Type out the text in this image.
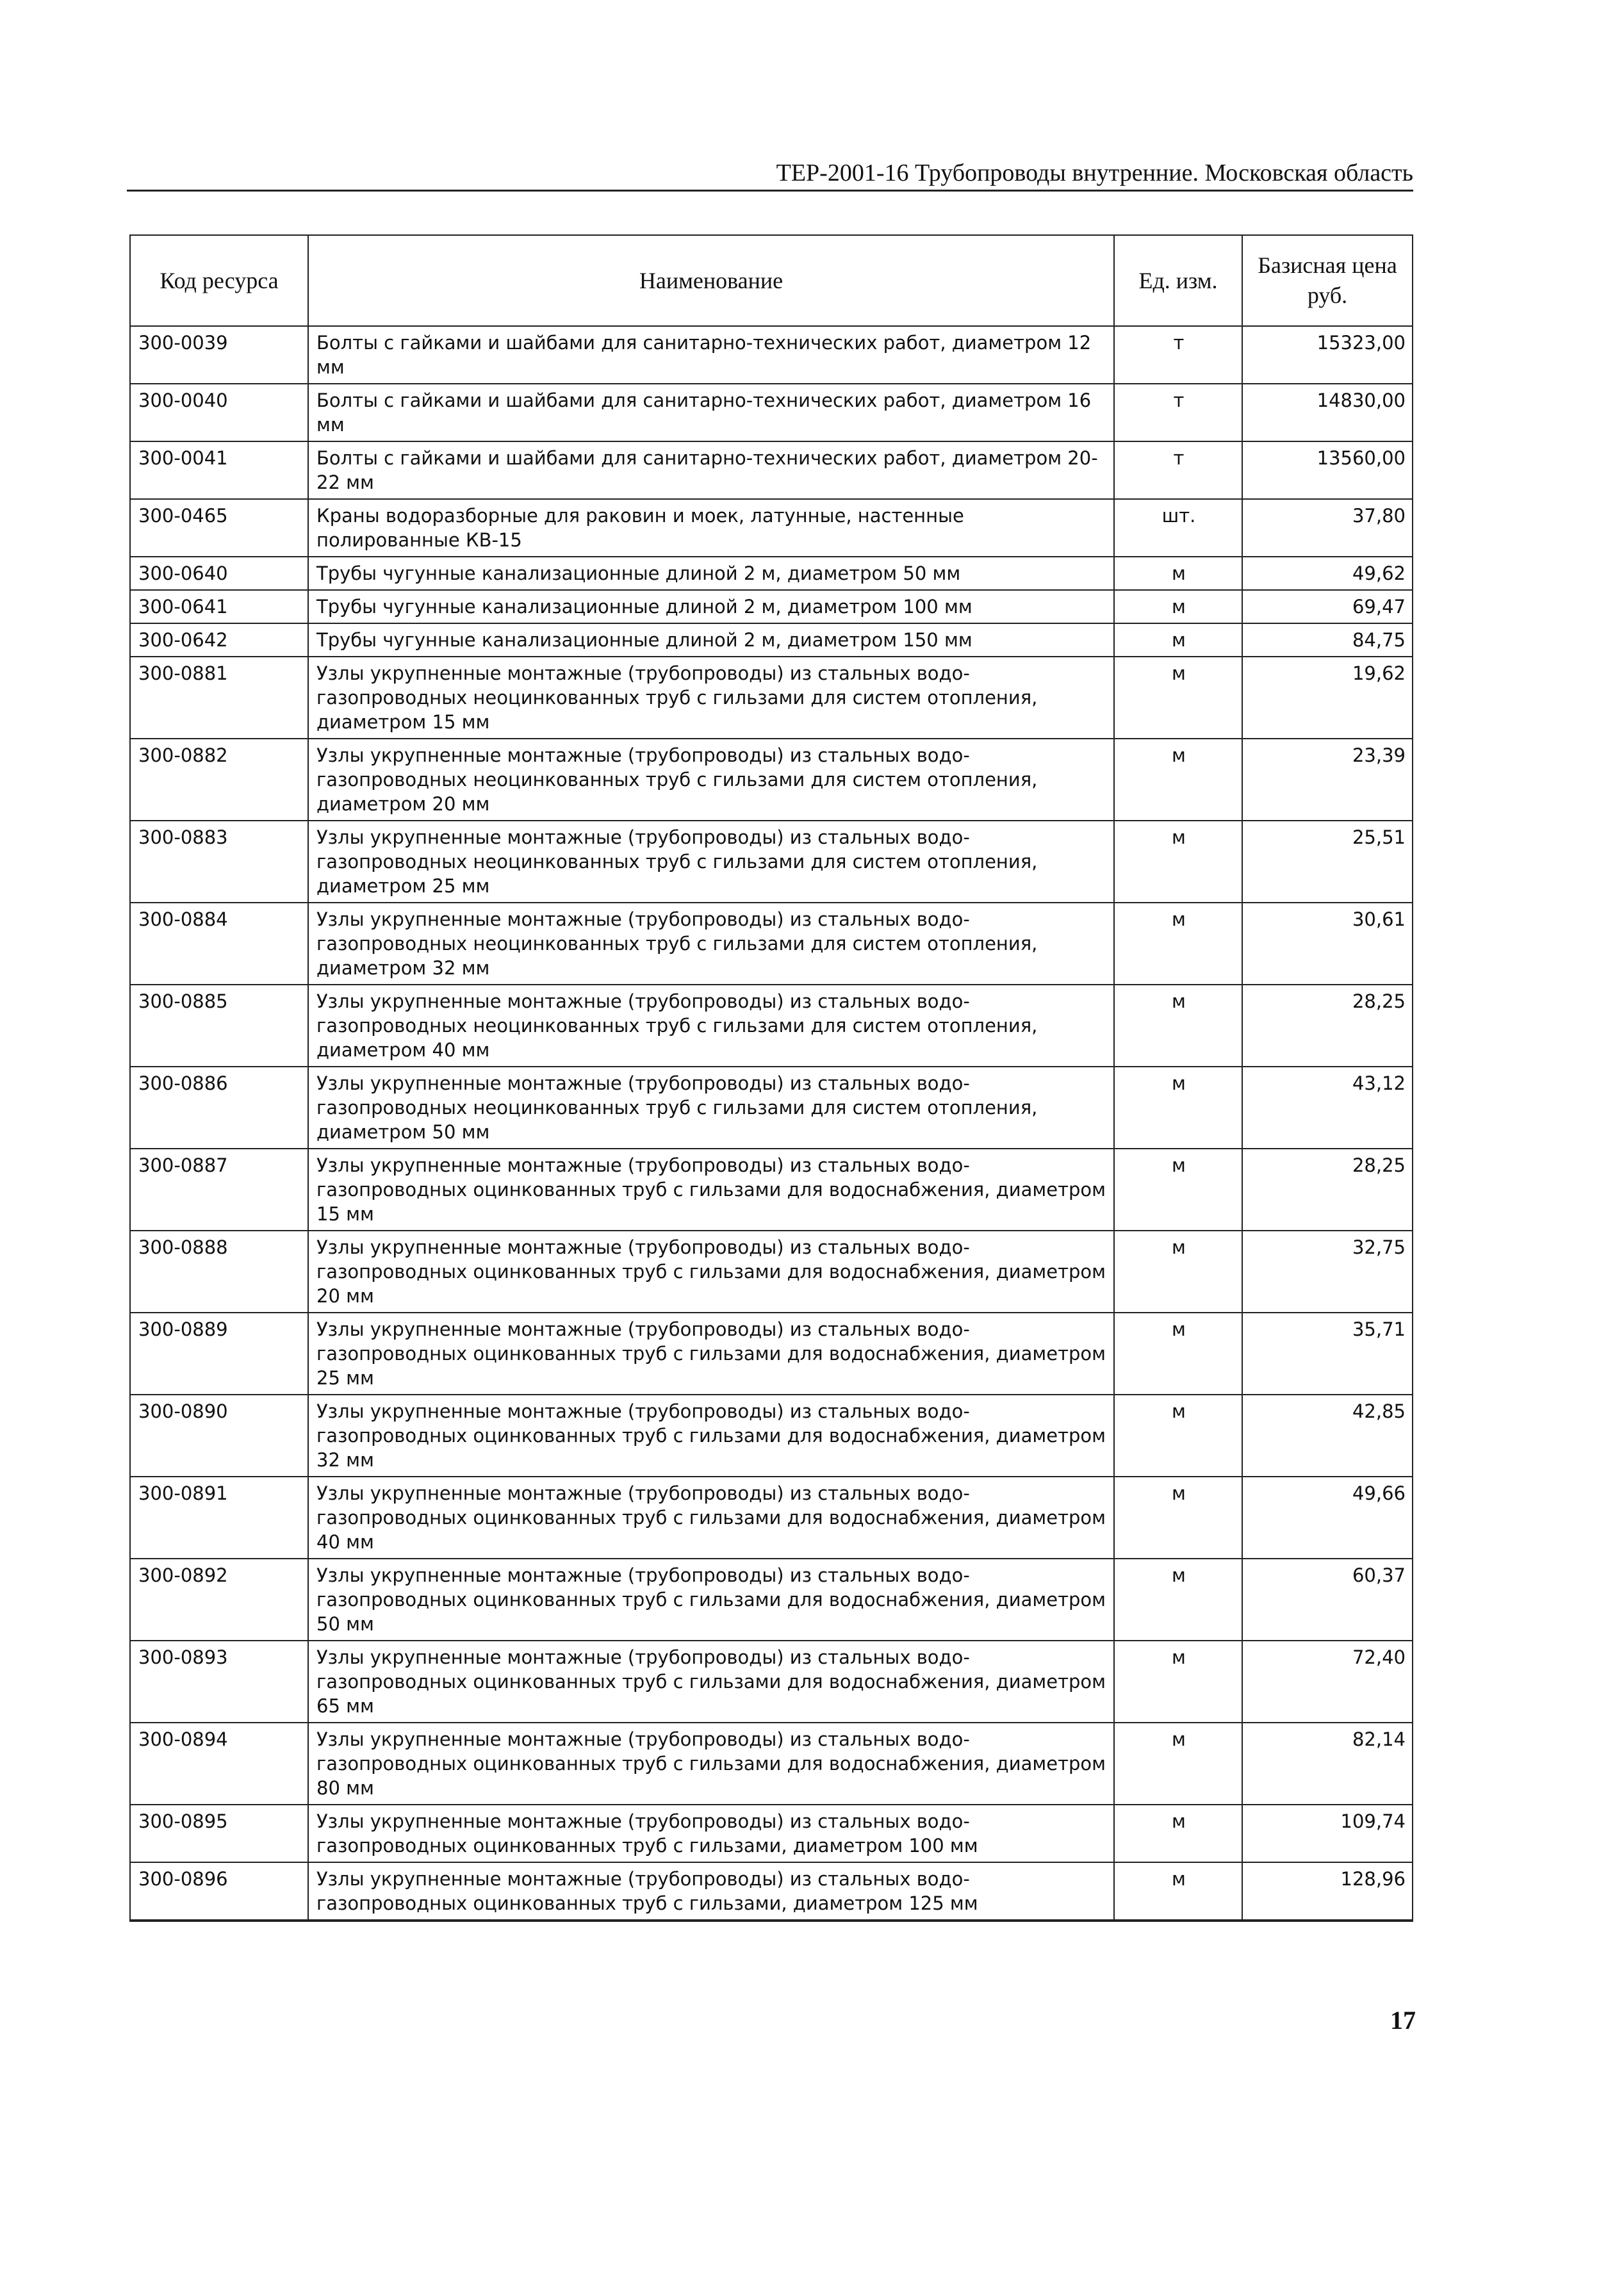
ТЕР-2001-16 Трубопроводы внутренние. Московская область
Код ресурса	Наименование	Ед. изм.	Базисная цена руб.
300-0039	Болты с гайками и шайбами для санитарно-технических работ, диаметром 12 мм	т	15323,00
300-0040	Болты с гайками и шайбами для санитарно-технических работ, диаметром 16 мм	т	14830,00
300-0041	Болты с гайками и шайбами для санитарно-технических работ, диаметром 20-22 мм	т	13560,00
300-0465	Краны водоразборные для раковин и моек, латунные, настенные полированные КВ-15	шт.	37,80
300-0640	Трубы чугунные канализационные длиной 2 м, диаметром 50 мм	м	49,62
300-0641	Трубы чугунные канализационные длиной 2 м, диаметром 100 мм	м	69,47
300-0642	Трубы чугунные канализационные длиной 2 м, диаметром 150 мм	м	84,75
300-0881	Узлы укрупненные монтажные (трубопроводы) из стальных водо-газопроводных неоцинкованных труб с гильзами для систем отопления, диаметром 15 мм	м	19,62
300-0882	Узлы укрупненные монтажные (трубопроводы) из стальных водо-газопроводных неоцинкованных труб с гильзами для систем отопления, диаметром 20 мм	м	23,39
300-0883	Узлы укрупненные монтажные (трубопроводы) из стальных водо-газопроводных неоцинкованных труб с гильзами для систем отопления, диаметром 25 мм	м	25,51
300-0884	Узлы укрупненные монтажные (трубопроводы) из стальных водо-газопроводных неоцинкованных труб с гильзами для систем отопления, диаметром 32 мм	м	30,61
300-0885	Узлы укрупненные монтажные (трубопроводы) из стальных водо-газопроводных неоцинкованных труб с гильзами для систем отопления, диаметром 40 мм	м	28,25
300-0886	Узлы укрупненные монтажные (трубопроводы) из стальных водо-газопроводных неоцинкованных труб с гильзами для систем отопления, диаметром 50 мм	м	43,12
300-0887	Узлы укрупненные монтажные (трубопроводы) из стальных водо-газопроводных оцинкованных труб с гильзами для водоснабжения, диаметром 15 мм	м	28,25
300-0888	Узлы укрупненные монтажные (трубопроводы) из стальных водо-газопроводных оцинкованных труб с гильзами для водоснабжения, диаметром 20 мм	м	32,75
300-0889	Узлы укрупненные монтажные (трубопроводы) из стальных водо-газопроводных оцинкованных труб с гильзами для водоснабжения, диаметром 25 мм	м	35,71
300-0890	Узлы укрупненные монтажные (трубопроводы) из стальных водо-газопроводных оцинкованных труб с гильзами для водоснабжения, диаметром 32 мм	м	42,85
300-0891	Узлы укрупненные монтажные (трубопроводы) из стальных водо-газопроводных оцинкованных труб с гильзами для водоснабжения, диаметром 40 мм	м	49,66
300-0892	Узлы укрупненные монтажные (трубопроводы) из стальных водо-газопроводных оцинкованных труб с гильзами для водоснабжения, диаметром 50 мм	м	60,37
300-0893	Узлы укрупненные монтажные (трубопроводы) из стальных водо-газопроводных оцинкованных труб с гильзами для водоснабжения, диаметром 65 мм	м	72,40
300-0894	Узлы укрупненные монтажные (трубопроводы) из стальных водо-газопроводных оцинкованных труб с гильзами для водоснабжения, диаметром 80 мм	м	82,14
300-0895	Узлы укрупненные монтажные (трубопроводы) из стальных водо-газопроводных оцинкованных труб с гильзами, диаметром 100 мм	м	109,74
300-0896	Узлы укрупненные монтажные (трубопроводы) из стальных водо-газопроводных оцинкованных труб с гильзами, диаметром 125 мм	м	128,96
17
